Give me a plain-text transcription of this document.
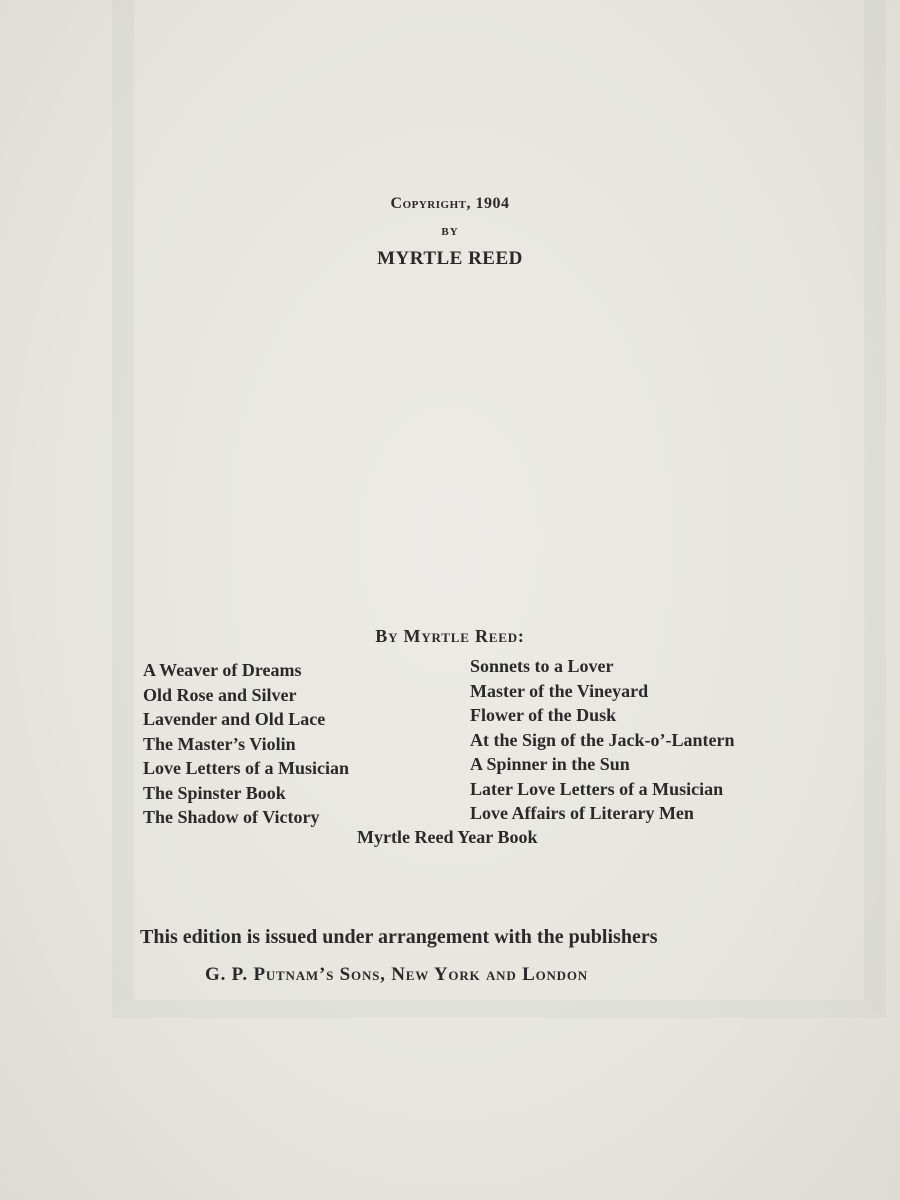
Copyright, 1904
BY
MYRTLE REED
By Myrtle Reed:
A Weaver of Dreams
Old Rose and Silver
Lavender and Old Lace
The Master’s Violin
Love Letters of a Musician
The Spinster Book
The Shadow of Victory
Sonnets to a Lover
Master of the Vineyard
Flower of the Dusk
At the Sign of the Jack-o’-Lantern
A Spinner in the Sun
Later Love Letters of a Musician
Love Affairs of Literary Men
Myrtle Reed Year Book
This edition is issued under arrangement with the publishers
G. P. Putnam’s Sons, New York and London
